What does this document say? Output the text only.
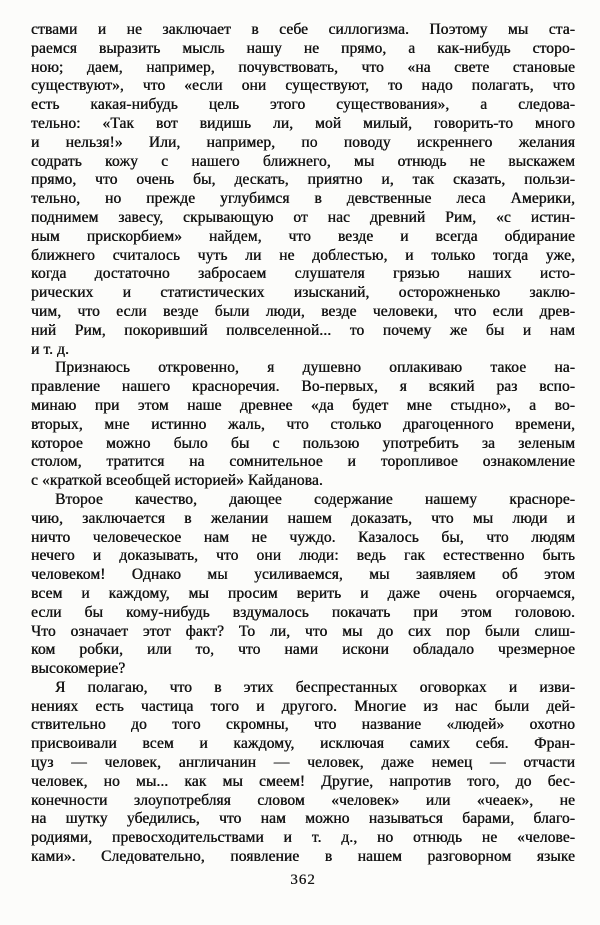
ствами и не заключает в себе силлогизма. Поэтому мы ста-
раемся выразить мысль нашу не прямо, а как-нибудь сторо-
ною; даем, например, почувствовать, что «на свете становые
существуют», что «если они существуют, то надо полагать, что
есть какая-нибудь цель этого существования», а следова-
тельно: «Так вот видишь ли, мой милый, говорить-то много
и нельзя!» Или, например, по поводу искреннего желания
содрать кожу с нашего ближнего, мы отнюдь не выскажем
прямо, что очень бы, дескать, приятно и, так сказать, пользи-
тельно, но прежде углубимся в девственные леса Америки,
поднимем завесу, скрывающую от нас древний Рим, «с истин-
ным прискорбием» найдем, что везде и всегда обдирание
ближнего считалось чуть ли не доблестью, и только тогда уже,
когда достаточно забросаем слушателя грязью наших исто-
рических и статистических изысканий, осторожненько заклю-
чим, что если везде были люди, везде человеки, что если древ-
ний Рим, покоривший полвселенной... то почему же бы и нам
и т. д.
Признаюсь откровенно, я душевно оплакиваю такое на-
правление нашего красноречия. Во-первых, я всякий раз вспо-
минаю при этом наше древнее «да будет мне стыдно», а во-
вторых, мне истинно жаль, что столько драгоценного времени,
которое можно было бы с пользою употребить за зеленым
столом, тратится на сомнительное и торопливое ознакомление
с «краткой всеобщей историей» Кайданова.
Второе качество, дающее содержание нашему красноре-
чию, заключается в желании нашем доказать, что мы люди и
ничто человеческое нам не чуждо. Казалось бы, что людям
нечего и доказывать, что они люди: ведь гак естественно быть
человеком! Однако мы усиливаемся, мы заявляем об этом
всем и каждому, мы просим верить и даже очень огорчаемся,
если бы кому-нибудь вздумалось покачать при этом головою.
Что означает этот факт? То ли, что мы до сих пор были слиш-
ком робки, или то, что нами искони обладало чрезмерное
высокомерие?
Я полагаю, что в этих беспрестанных оговорках и изви-
нениях есть частица того и другого. Многие из нас были дей-
ствительно до того скромны, что название «людей» охотно
присвоивали всем и каждому, исключая самих себя. Фран-
цуз — человек, англичанин — человек, даже немец — отчасти
человек, но мы... как мы смеем! Другие, напротив того, до бес-
конечности злоупотребляя словом «человек» или «чеаек», не
на шутку убедились, что нам можно называться барами, благо-
родиями, превосходительствами и т. д., но отнюдь не «челове-
ками». Следовательно, появление в нашем разговорном языке
362
